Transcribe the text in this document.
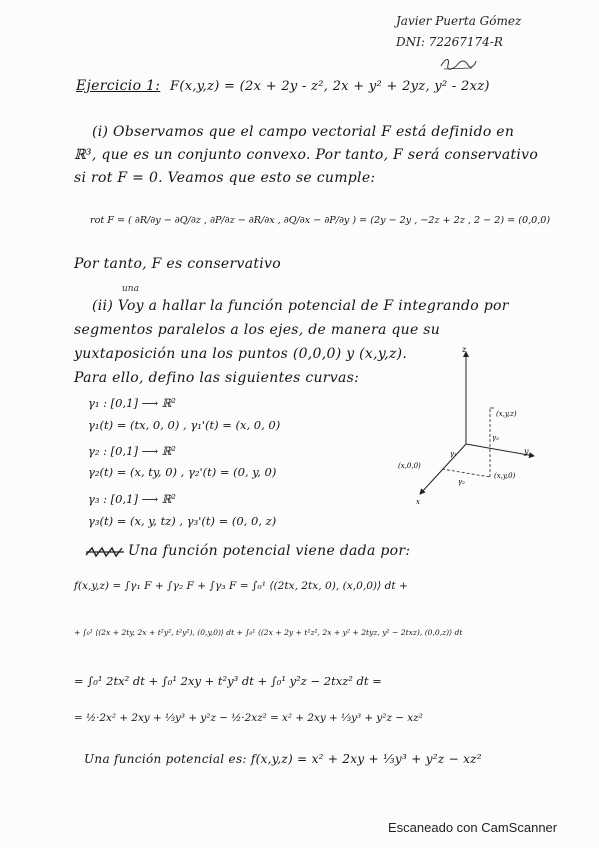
Javier Puerta Gómez
DNI: 72267174-R
Ejercicio 1: F(x,y,z) = (2x + 2y - z², 2x + y² + 2yz, y² - 2xz)
(i) Observamos que el campo vectorial F está definido en
ℝ³, que es un conjunto convexo. Por tanto, F será conservativo
si rot F = 0. Veamos que esto se cumple:
rot F = ( ∂R/∂y − ∂Q/∂z , ∂P/∂z − ∂R/∂x , ∂Q/∂x − ∂P/∂y ) = (2y − 2y , −2z + 2z , 2 − 2) = (0,0,0)
Por tanto, F es conservativo
una
(ii) Voy a hallar la función potencial de F integrando por
segmentos paralelos a los ejes, de manera que su
yuxtaposición una los puntos (0,0,0) y (x,y,z).
Para ello, defino las siguientes curvas:
γ₁ : [0,1] ⟶ ℝ²
γ₁(t) = (tx, 0, 0) , γ₁'(t) = (x, 0, 0)
γ₂ : [0,1] ⟶ ℝ²
γ₂(t) = (x, ty, 0) , γ₂'(t) = (0, y, 0)
γ₃ : [0,1] ⟶ ℝ²
γ₃(t) = (x, y, tz) , γ₃'(t) = (0, 0, z)
Una función potencial viene dada por:
f(x,y,z) = ∫γ₁ F + ∫γ₂ F + ∫γ₃ F = ∫₀¹ ⟨(2tx, 2tx, 0), (x,0,0)⟩ dt +
+ ∫₀¹ ⟨(2x + 2ty, 2x + t²y², t²y²), (0,y,0)⟩ dt + ∫₀¹ ⟨(2x + 2y + t²z², 2x + y² + 2tyz, y² − 2txz), (0,0,z)⟩ dt
= ∫₀¹ 2tx² dt + ∫₀¹ 2xy + t²y³ dt + ∫₀¹ y²z − 2txz² dt =
= ½·2x² + 2xy + ⅓y³ + y²z − ½·2xz² = x² + 2xy + ⅓y³ + y²z − xz²
Una función potencial es: f(x,y,z) = x² + 2xy + ⅓y³ + y²z − xz²
z
y
x
(x,y,z)
(x,0,0)
(x,y,0)
γ₁
γ₂
γ₃
Escaneado con CamScanner
